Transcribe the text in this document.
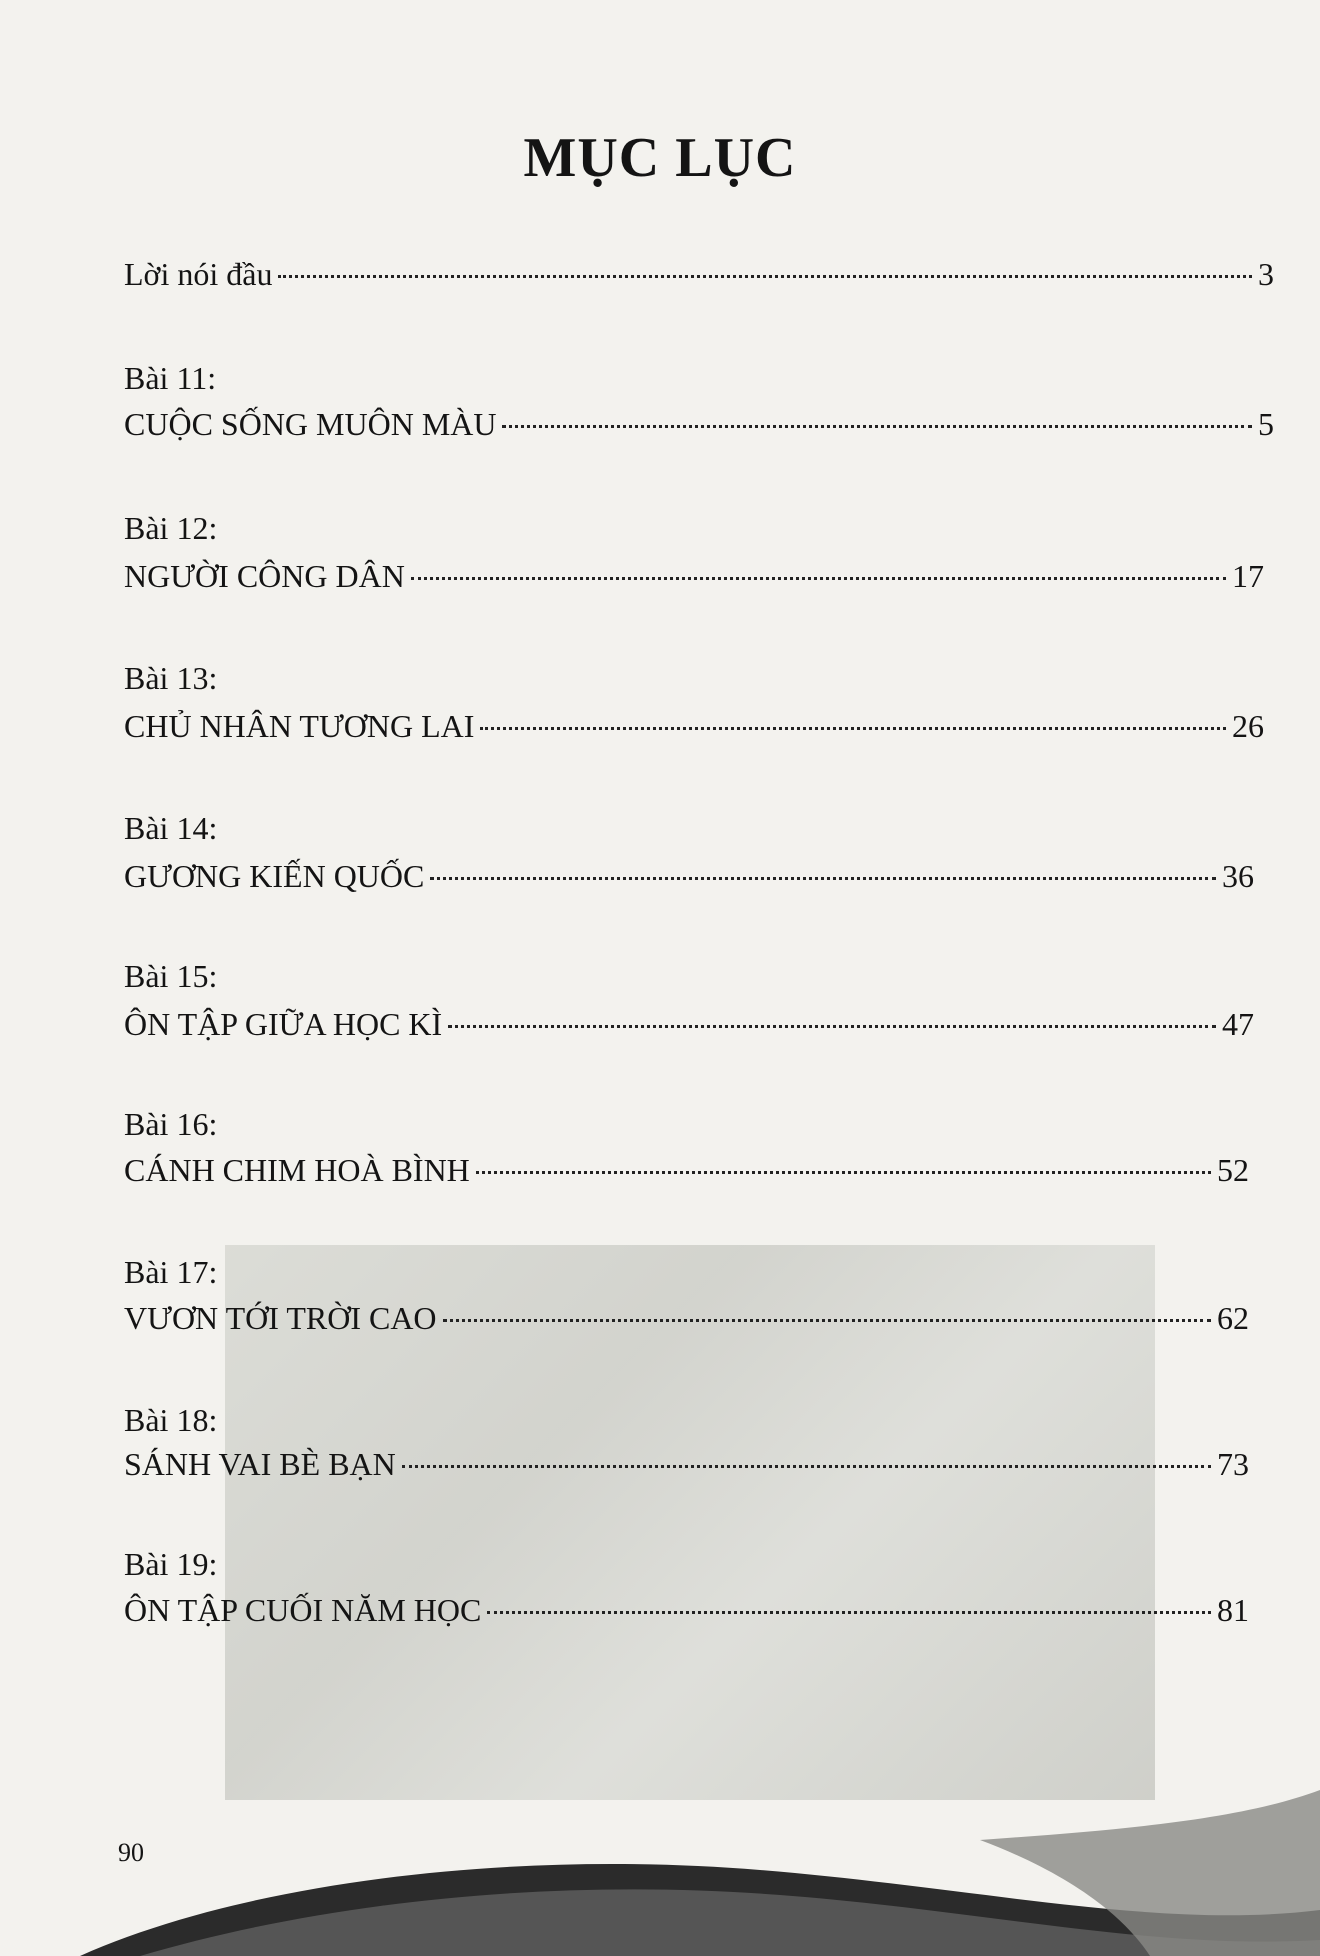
MỤC LỤC
Lời nói đầu	3
Bài 11:
CUỘC SỐNG MUÔN MÀU	5
Bài 12:
NGƯỜI CÔNG DÂN	17
Bài 13:
CHỦ NHÂN TƯƠNG LAI	26
Bài 14:
GƯƠNG KIẾN QUỐC	36
Bài 15:
ÔN TẬP GIỮA HỌC KÌ	47
Bài 16:
CÁNH CHIM HOÀ BÌNH	52
Bài 17:
VƯƠN TỚI TRỜI CAO	62
Bài 18:
SÁNH VAI BÈ BẠN	73
Bài 19:
ÔN TẬP CUỐI NĂM HỌC	81
90
